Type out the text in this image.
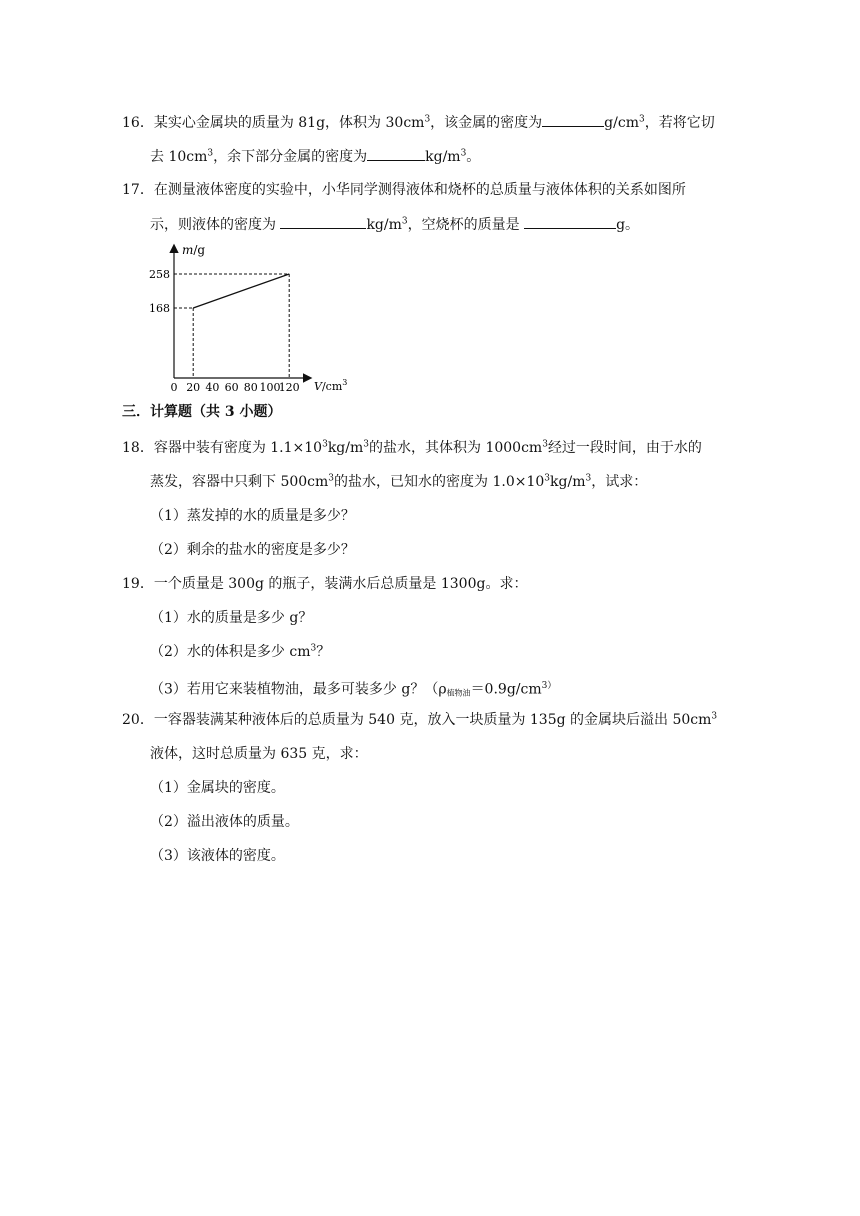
16．某实心金属块的质量为 81g，体积为 $30cm^3$，该金属的密度为	$g/cm^3$，若将它切
去 $10cm^3$，余下部分金属的密度为	$kg/m^3$。
17．在测量液体密度的实验中，小华同学测得液体和烧杯的总质量与液体体积的关系如图所
示，则液体的密度为	$kg/m^3$，空烧杯的质量是	g。
m/g
$V/cm^3$
0 20 40 60 80 100
120
168
258
三．计算题（共 3 小题）
18．容器中装有密度为 $1.1\times 10^3kg/m^3$的盐水，其体积为 $1000cm^3$经过一段时间，由于水的
蒸发，容器中只剩下 $500cm^3$的盐水，已知水的密度为 $1.0\times 10^3kg/m^3$，试求：
（1）蒸发掉的水的质量是多少？
（2）剩余的盐水的密度是多少？
19．一个质量是 300g 的瓶子，装满水后总质量是 1300g。求：
（1）水的质量是多少 g？
（2）水的体积是多少 $cm^3$？
（3）若用它来装植物油，最多可装多少 g？（$\rho_{植物油}=0.9g/cm^{3)}$
20．一容器装满某种液体后的总质量为 540 克，放入一块质量为 135g 的金属块后溢出 $50cm^3$
液体，这时总质量为 635 克，求：
（1）金属块的密度。
（2）溢出液体的质量。
（3）该液体的密度。
